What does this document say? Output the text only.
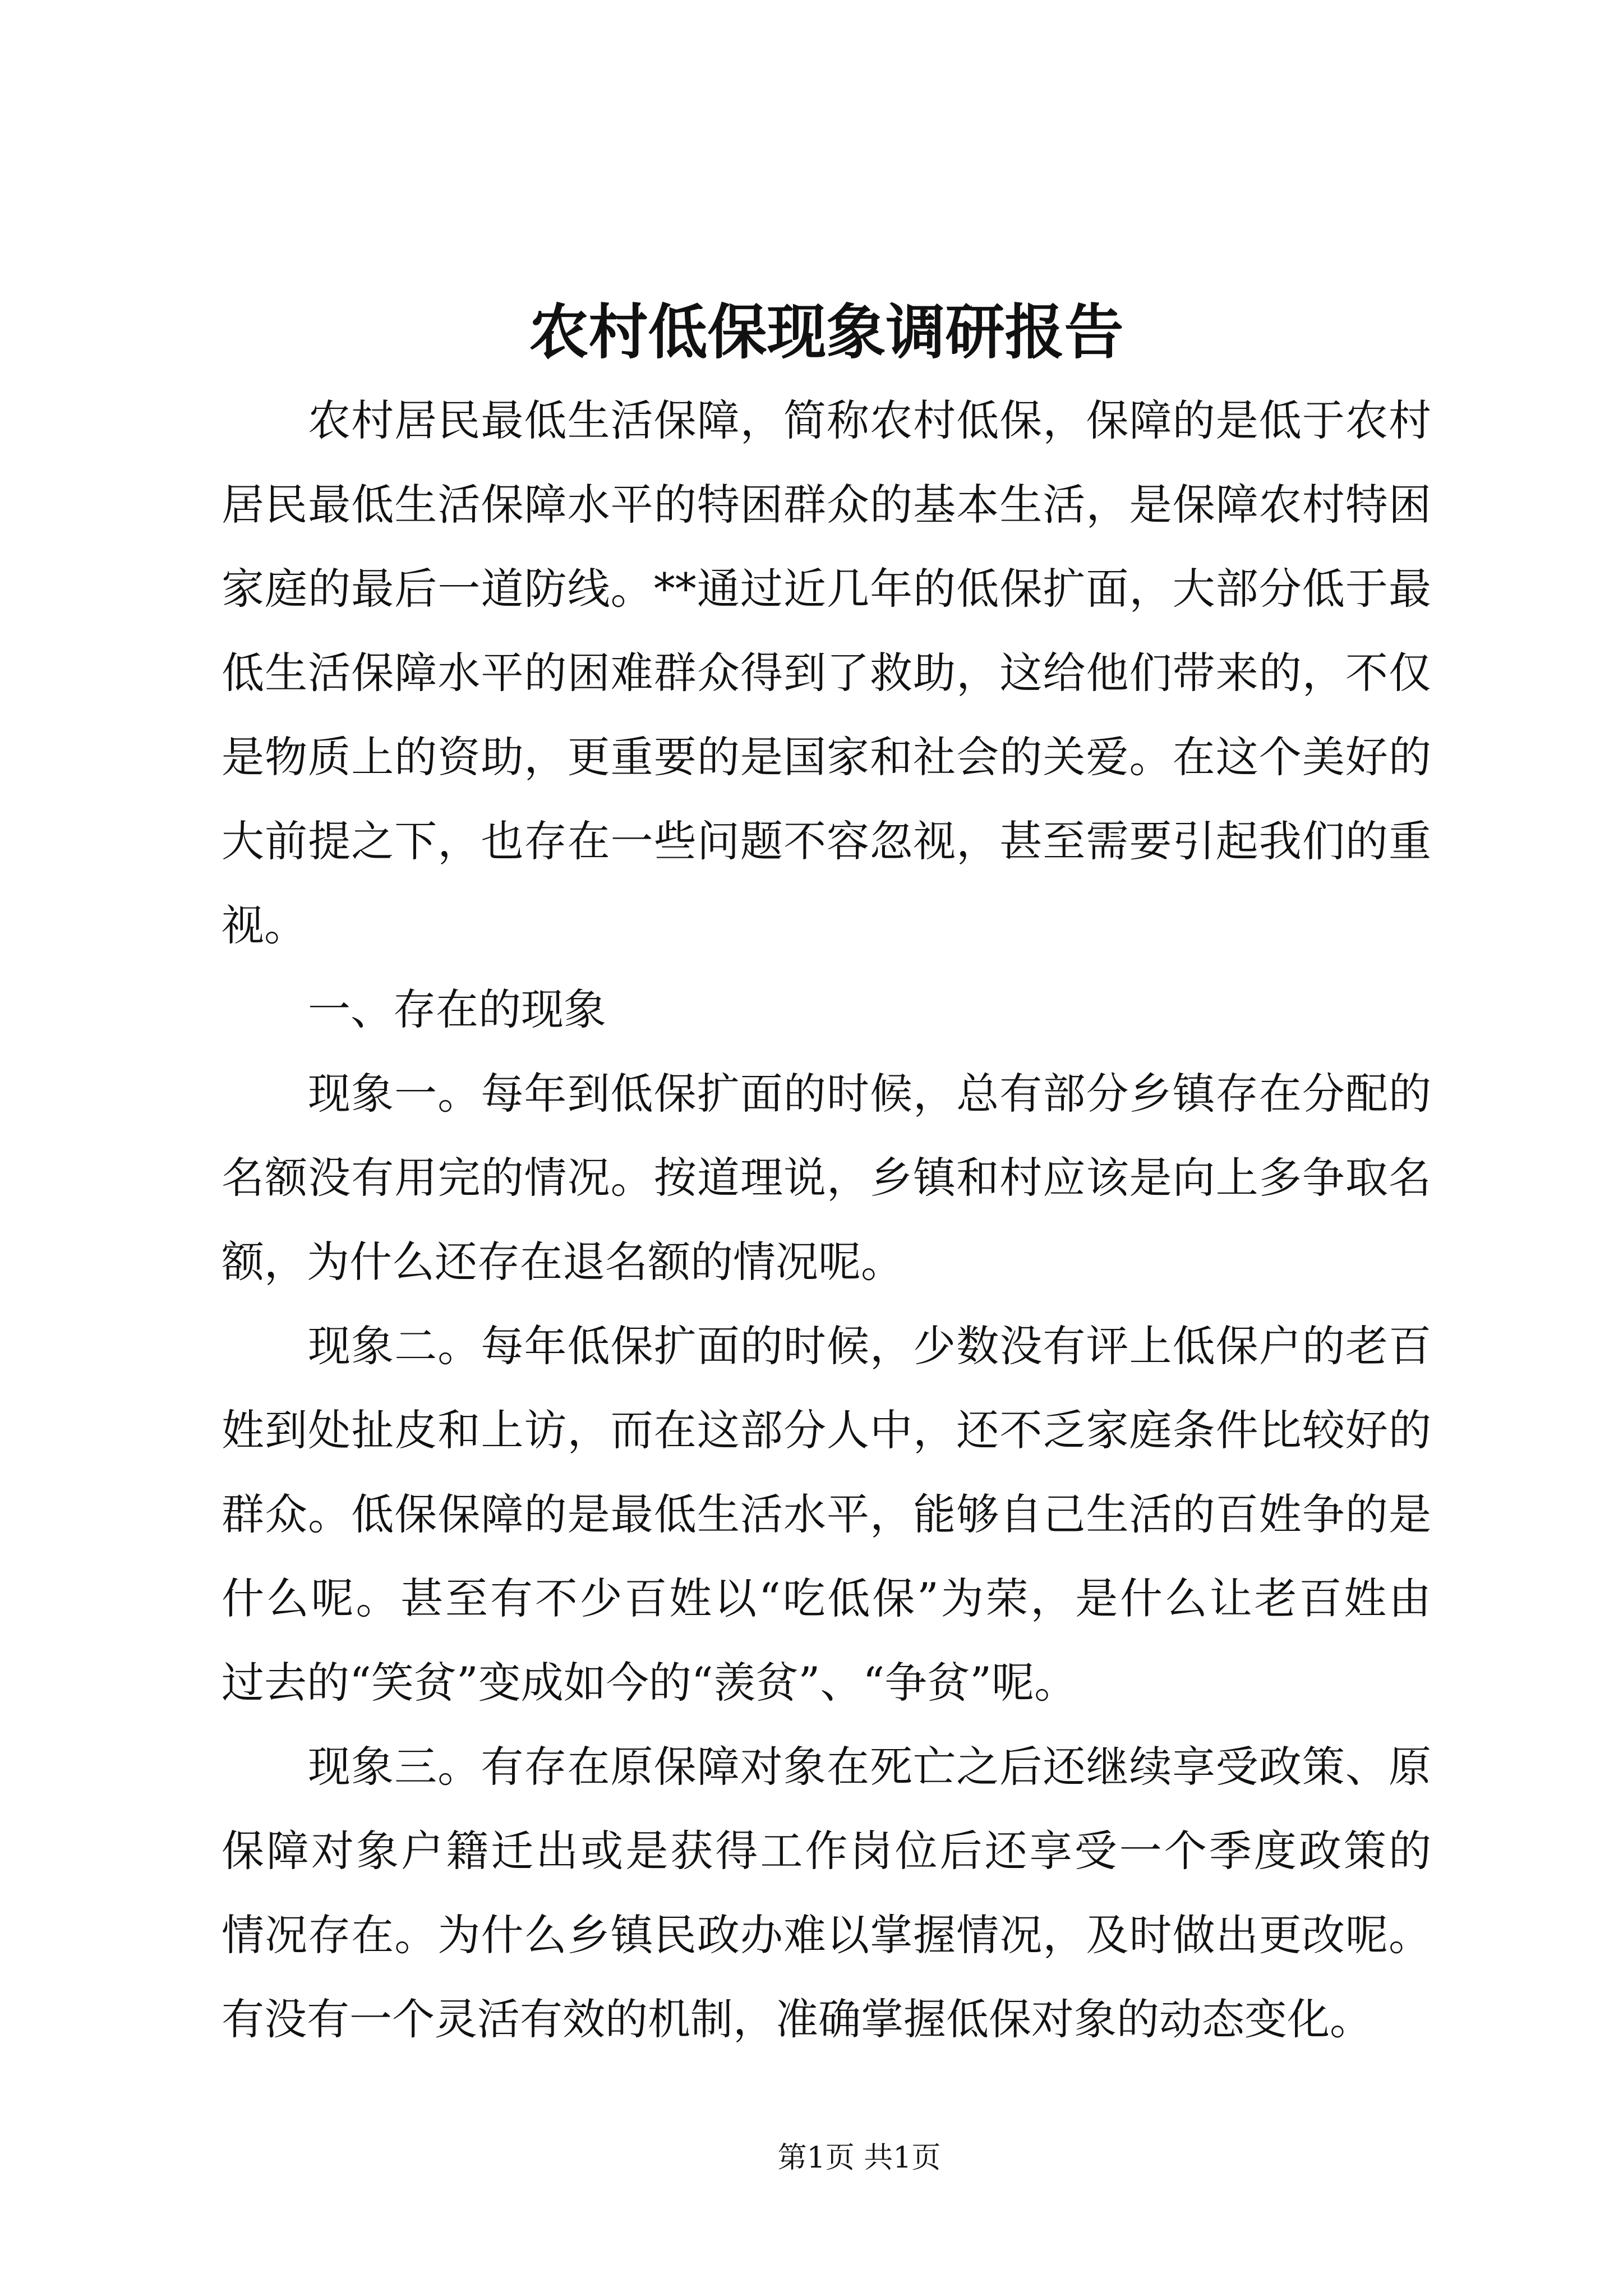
农村低保现象调研报告
农村居民最低生活保障，简称农村低保，保障的是低于农村
居民最低生活保障水平的特困群众的基本生活，是保障农村特困
家庭的最后一道防线。**通过近几年的低保扩面，大部分低于最
低生活保障水平的困难群众得到了救助，这给他们带来的，不仅
是物质上的资助，更重要的是国家和社会的关爱。在这个美好的
大前提之下，也存在一些问题不容忽视，甚至需要引起我们的重
视。
一、存在的现象
现象一。每年到低保扩面的时候，总有部分乡镇存在分配的
名额没有用完的情况。按道理说，乡镇和村应该是向上多争取名
额，为什么还存在退名额的情况呢。
现象二。每年低保扩面的时候，少数没有评上低保户的老百
姓到处扯皮和上访，而在这部分人中，还不乏家庭条件比较好的
群众。低保保障的是最低生活水平，能够自己生活的百姓争的是
什么呢。甚至有不少百姓以“吃低保”为荣，是什么让老百姓由
过去的“笑贫”变成如今的“羡贫”、“争贫”呢。
现象三。有存在原保障对象在死亡之后还继续享受政策、原
保障对象户籍迁出或是获得工作岗位后还享受一个季度政策的
情况存在。为什么乡镇民政办难以掌握情况，及时做出更改呢。
有没有一个灵活有效的机制，准确掌握低保对象的动态变化。
第1页 共1页
